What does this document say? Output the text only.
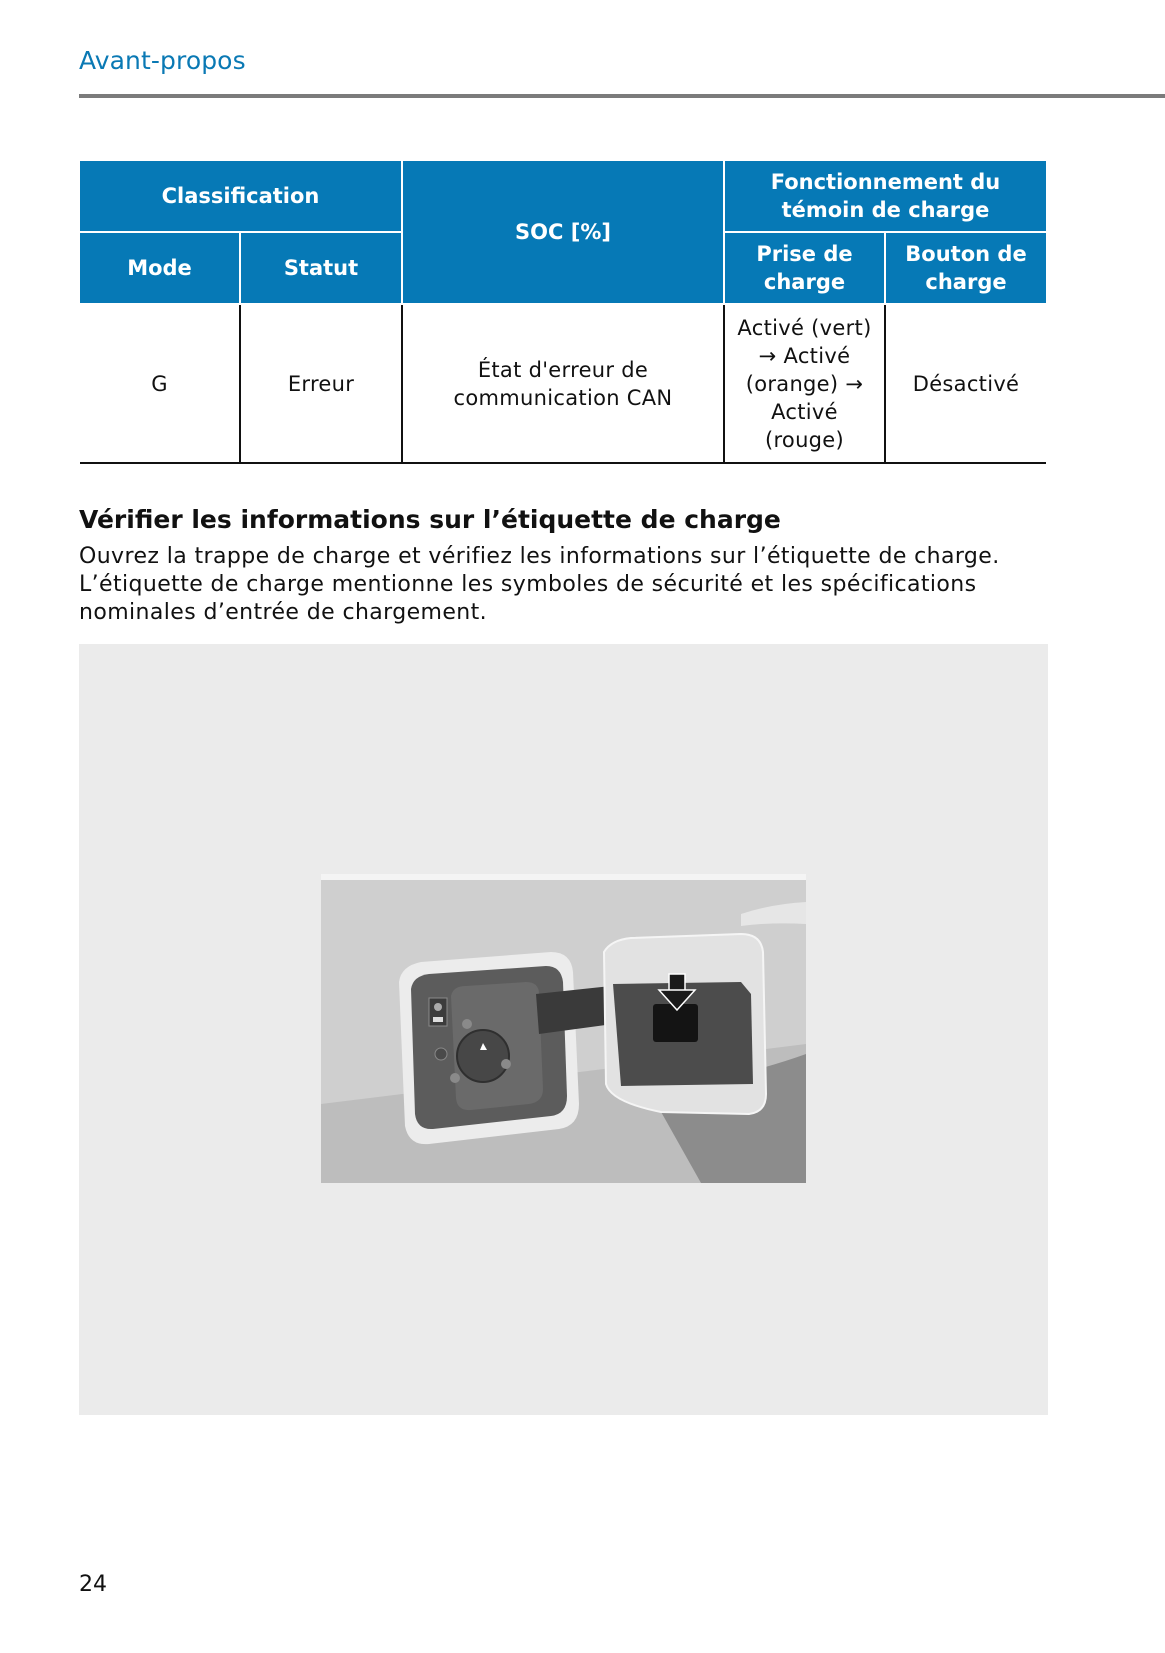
Avant-propos
Classification		SOC [%]	Fonctionnement du témoin de charge	
Mode	Statut		Prise de charge	Bouton de charge
G	Erreur	État d'erreur de communication CAN	Activé (vert) → Activé (orange) → Activé (rouge)	Désactivé
Vérifier les informations sur l’étiquette de charge

Ouvrez la trappe de charge et vérifiez les informations sur l’étiquette de charge. L’étiquette de charge mentionne les symboles de sécurité et les spécifications nominales d’entrée de chargement.

24
